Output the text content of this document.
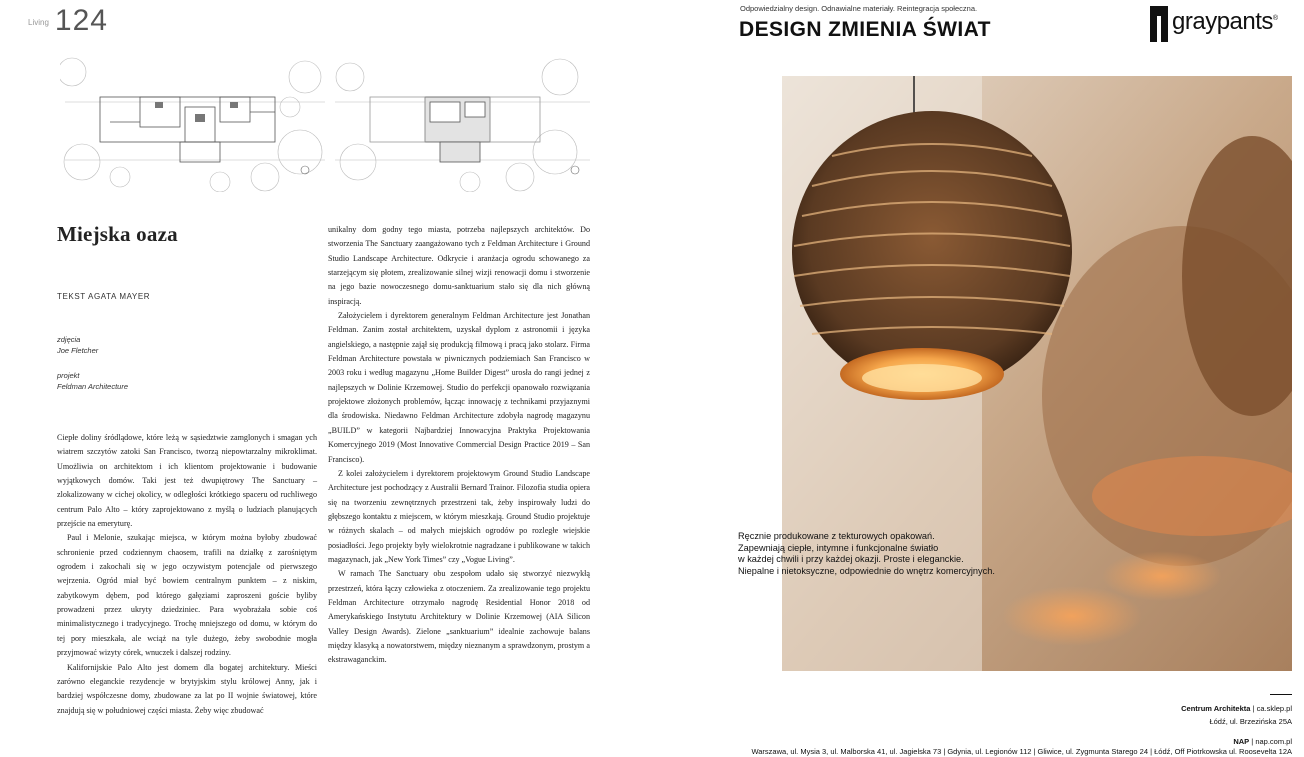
Living 124
Miejska oaza
TEKST AGATA MAYER
zdjęcia
Joe Fletcher
projekt
Feldman Architecture

Ciepłe doliny śródlądowe, które leżą w sąsiedztwie zamglonych i smagan ych wiatrem szczytów zatoki San Francisco, tworzą niepowtarzalny mikroklimat. Umożliwia on architektom i ich klientom projektowanie i budowanie wyjątkowych domów. Taki jest też dwupiętrowy The Sanctuary – zlokalizowany w cichej okolicy, w odległości krótkiego spaceru od ruchliwego centrum Palo Alto – który zaprojektowano z myślą o ludziach planujących przejście na emeryturę.

Paul i Melonie, szukając miejsca, w którym można byłoby zbudować schronienie przed codziennym chaosem, trafili na działkę z zarośniętym ogrodem i zakochali się w jego oczywistym potencjale od pierwszego wejrzenia. Ogród miał być bowiem centralnym punktem – z niskim, zabytkowym dębem, pod którego gałęziami zaproszeni goście byliby prowadzeni przez ukryty dziedziniec. Para wyobrażała sobie coś minimalistycznego i tradycyjnego. Trochę mniejszego od domu, w którym do tej pory mieszkała, ale wciąż na tyle dużego, żeby swobodnie mogła przyjmować wizyty córek, wnuczek i dalszej rodziny.

Kalifornijskie Palo Alto jest domem dla bogatej architektury. Mieści zarówno eleganckie rezydencje w brytyjskim stylu królowej Anny, jak i bardziej współczesne domy, zbudowane za lat po II wojnie światowej, które znajdują się w południowej części miasta. Żeby więc zbudować

unikalny dom godny tego miasta, potrzeba najlepszych architektów. Do stworzenia The Sanctuary zaangażowano tych z Feldman Architecture i Ground Studio Landscape Architecture. Odkrycie i aranżacja ogrodu schowanego za starzejącym się płotem, zrealizowanie silnej wizji renowacji domu i stworzenie na jego bazie nowoczesnego domu-sanktuarium stało się dla nich główną inspiracją.

Założycielem i dyrektorem generalnym Feldman Architecture jest Jonathan Feldman. Zanim został architektem, uzyskał dyplom z astronomii i języka angielskiego, a następnie zajął się produkcją filmową i pracą jako stolarz. Firma Feldman Architecture powstała w piwnicznych podziemiach San Francisco w 2003 roku i według magazynu „Home Builder Digest” urosła do rangi jednej z najlepszych w Dolinie Krzemowej. Studio do perfekcji opanowało rozwiązania projektowe złożonych problemów, łącząc innowację z technikami przyjaznymi dla środowiska. Niedawno Feldman Architecture zdobyła nagrodę magazynu „BUILD” w kategorii Najbardziej Innowacyjna Praktyka Projektowania Komercyjnego 2019 (Most Innovative Commercial Design Practice 2019 – San Francisco).

Z kolei założycielem i dyrektorem projektowym Ground Studio Landscape Architecture jest pochodzący z Australii Bernard Trainor. Filozofia studia opiera się na tworzeniu zewnętrznych przestrzeni tak, żeby inspirowały ludzi do głębszego kontaktu z miejscem, w którym mieszkają. Ground Studio projektuje w różnych skalach – od małych miejskich ogrodów po rozległe wiejskie posiadłości. Jego projekty były wielokrotnie nagradzane i publikowane w takich magazynach, jak „New York Times” czy „Vogue Living”.

W ramach The Sanctuary obu zespołom udało się stworzyć niezwykłą przestrzeń, która łączy człowieka z otoczeniem. Za zrealizowanie tego projektu Feldman Architecture otrzymało nagrodę Residential Honor 2018 od Amerykańskiego Instytutu Architektury w Dolinie Krzemowej (AIA Silicon Valley Design Awards). Zielone „sanktuarium” idealnie zachowuje balans między klasyką a nowatorstwem, między nieznanym a sprawdzonym, prostym a ekstrawaganckim.

Odpowiedzialny design. Odnawialne materiały. Reintegracja społeczna.
DESIGN ZMIENIA ŚWIAT	graypants®
Ręcznie produkowane z tekturowych opakowań.
Zapewniają ciepłe, intymne i funkcjonalne światło
w każdej chwili i przy każdej okazji. Proste i eleganckie.
Niepalne i nietoksyczne, odpowiednie do wnętrz komercyjnych.
Centrum Architekta | ca.sklep.pl
Łódź, ul. Brzezińska 25A
NAP | nap.com.pl
Warszawa, ul. Mysia 3, ul. Malborska 41, ul. Jagielska 73 | Gdynia, ul. Legionów 112 | Gliwice, ul. Zygmunta Starego 24 | Łódź, Off Piotrkowska ul. Roosevelta 12A
